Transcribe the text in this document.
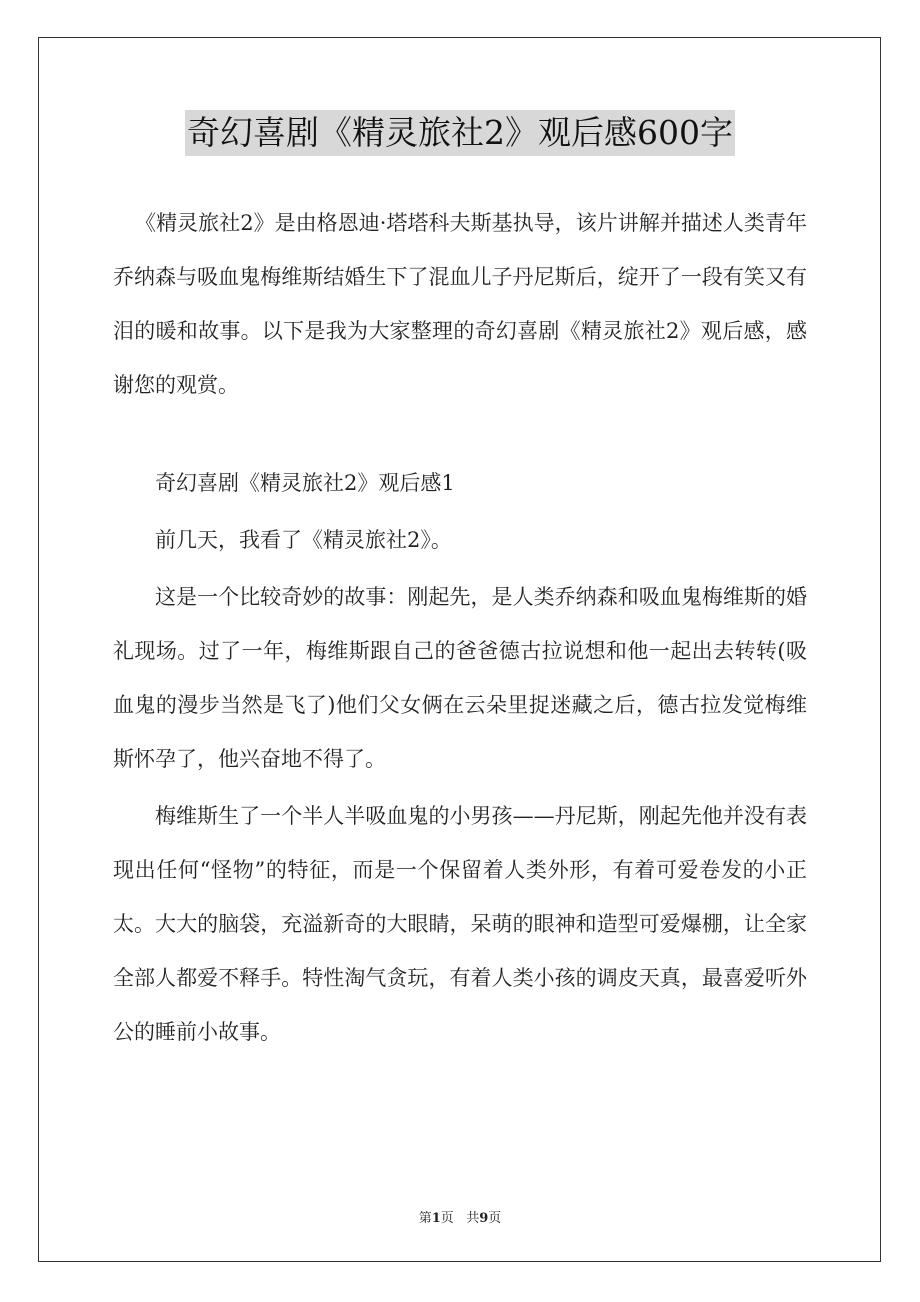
奇幻喜剧《精灵旅社2》观后感600字

《精灵旅社2》是由格恩迪·塔塔科夫斯基执导，该片讲解并描述人类青年乔纳森与吸血鬼梅维斯结婚生下了混血儿子丹尼斯后，绽开了一段有笑又有泪的暖和故事。以下是我为大家整理的奇幻喜剧《精灵旅社2》观后感，感谢您的观赏。

奇幻喜剧《精灵旅社2》观后感1

前几天，我看了《精灵旅社2》。

这是一个比较奇妙的故事：刚起先，是人类乔纳森和吸血鬼梅维斯的婚礼现场。过了一年，梅维斯跟自己的爸爸德古拉说想和他一起出去转转(吸血鬼的漫步当然是飞了)他们父女俩在云朵里捉迷藏之后，德古拉发觉梅维斯怀孕了，他兴奋地不得了。

梅维斯生了一个半人半吸血鬼的小男孩——丹尼斯，刚起先他并没有表现出任何“怪物”的特征，而是一个保留着人类外形，有着可爱卷发的小正太。大大的脑袋，充溢新奇的大眼睛，呆萌的眼神和造型可爱爆棚，让全家全部人都爱不释手。特性淘气贪玩，有着人类小孩的调皮天真，最喜爱听外公的睡前小故事。

第1页 共9页
